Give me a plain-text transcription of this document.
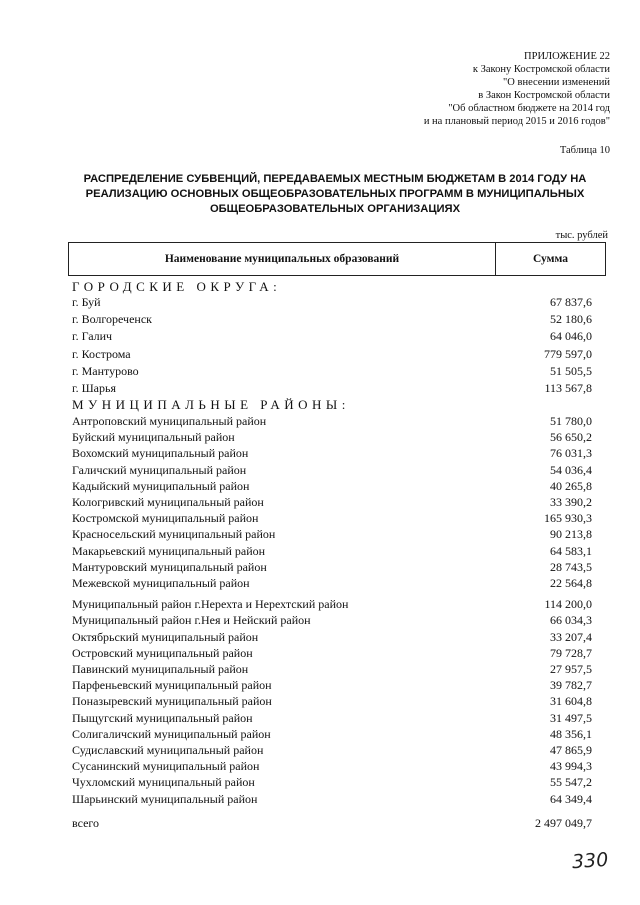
ПРИЛОЖЕНИЕ 22
к Закону Костромской области
"О внесении изменений
в Закон Костромской области
"Об областном бюджете на 2014 год
и на плановый период 2015 и 2016 годов"
Таблица 10
РАСПРЕДЕЛЕНИЕ СУБВЕНЦИЙ, ПЕРЕДАВАЕМЫХ МЕСТНЫМ БЮДЖЕТАМ В 2014 ГОДУ НА
РЕАЛИЗАЦИЮ ОСНОВНЫХ ОБЩЕОБРАЗОВАТЕЛЬНЫХ ПРОГРАММ В МУНИЦИПАЛЬНЫХ
ОБЩЕОБРАЗОВАТЕЛЬНЫХ ОРГАНИЗАЦИЯХ
тыс. рублей
Наименование муниципальных образований	Сумма
ГОРОДСКИЕ ОКРУГА:
г. Буй	67 837,6
г. Волгореченск	52 180,6
г. Галич	64 046,0
г. Кострома	779 597,0
г. Мантурово	51 505,5
г. Шарья	113 567,8
МУНИЦИПАЛЬНЫЕ РАЙОНЫ:
Антроповский муниципальный район	51 780,0
Буйский муниципальный район	56 650,2
Вохомский муниципальный район	76 031,3
Галичский муниципальный район	54 036,4
Кадыйский муниципальный район	40 265,8
Кологривский муниципальный район	33 390,2
Костромской муниципальный район	165 930,3
Красносельский муниципальный район	90 213,8
Макарьевский муниципальный район	64 583,1
Мантуровский муниципальный район	28 743,5
Межевской муниципальный район	22 564,8
Муниципальный район г.Нерехта и Нерехтский район	114 200,0
Муниципальный район г.Нея и Нейский район	66 034,3
Октябрьский муниципальный район	33 207,4
Островский муниципальный район	79 728,7
Павинский муниципальный район	27 957,5
Парфеньевский муниципальный район	39 782,7
Поназыревский муниципальный район	31 604,8
Пыщугский муниципальный район	31 497,5
Солигаличский муниципальный район	48 356,1
Судиславский муниципальный район	47 865,9
Сусанинский муниципальный район	43 994,3
Чухломский муниципальный район	55 547,2
Шарьинский муниципальный район	64 349,4
всего	2 497 049,7
330
